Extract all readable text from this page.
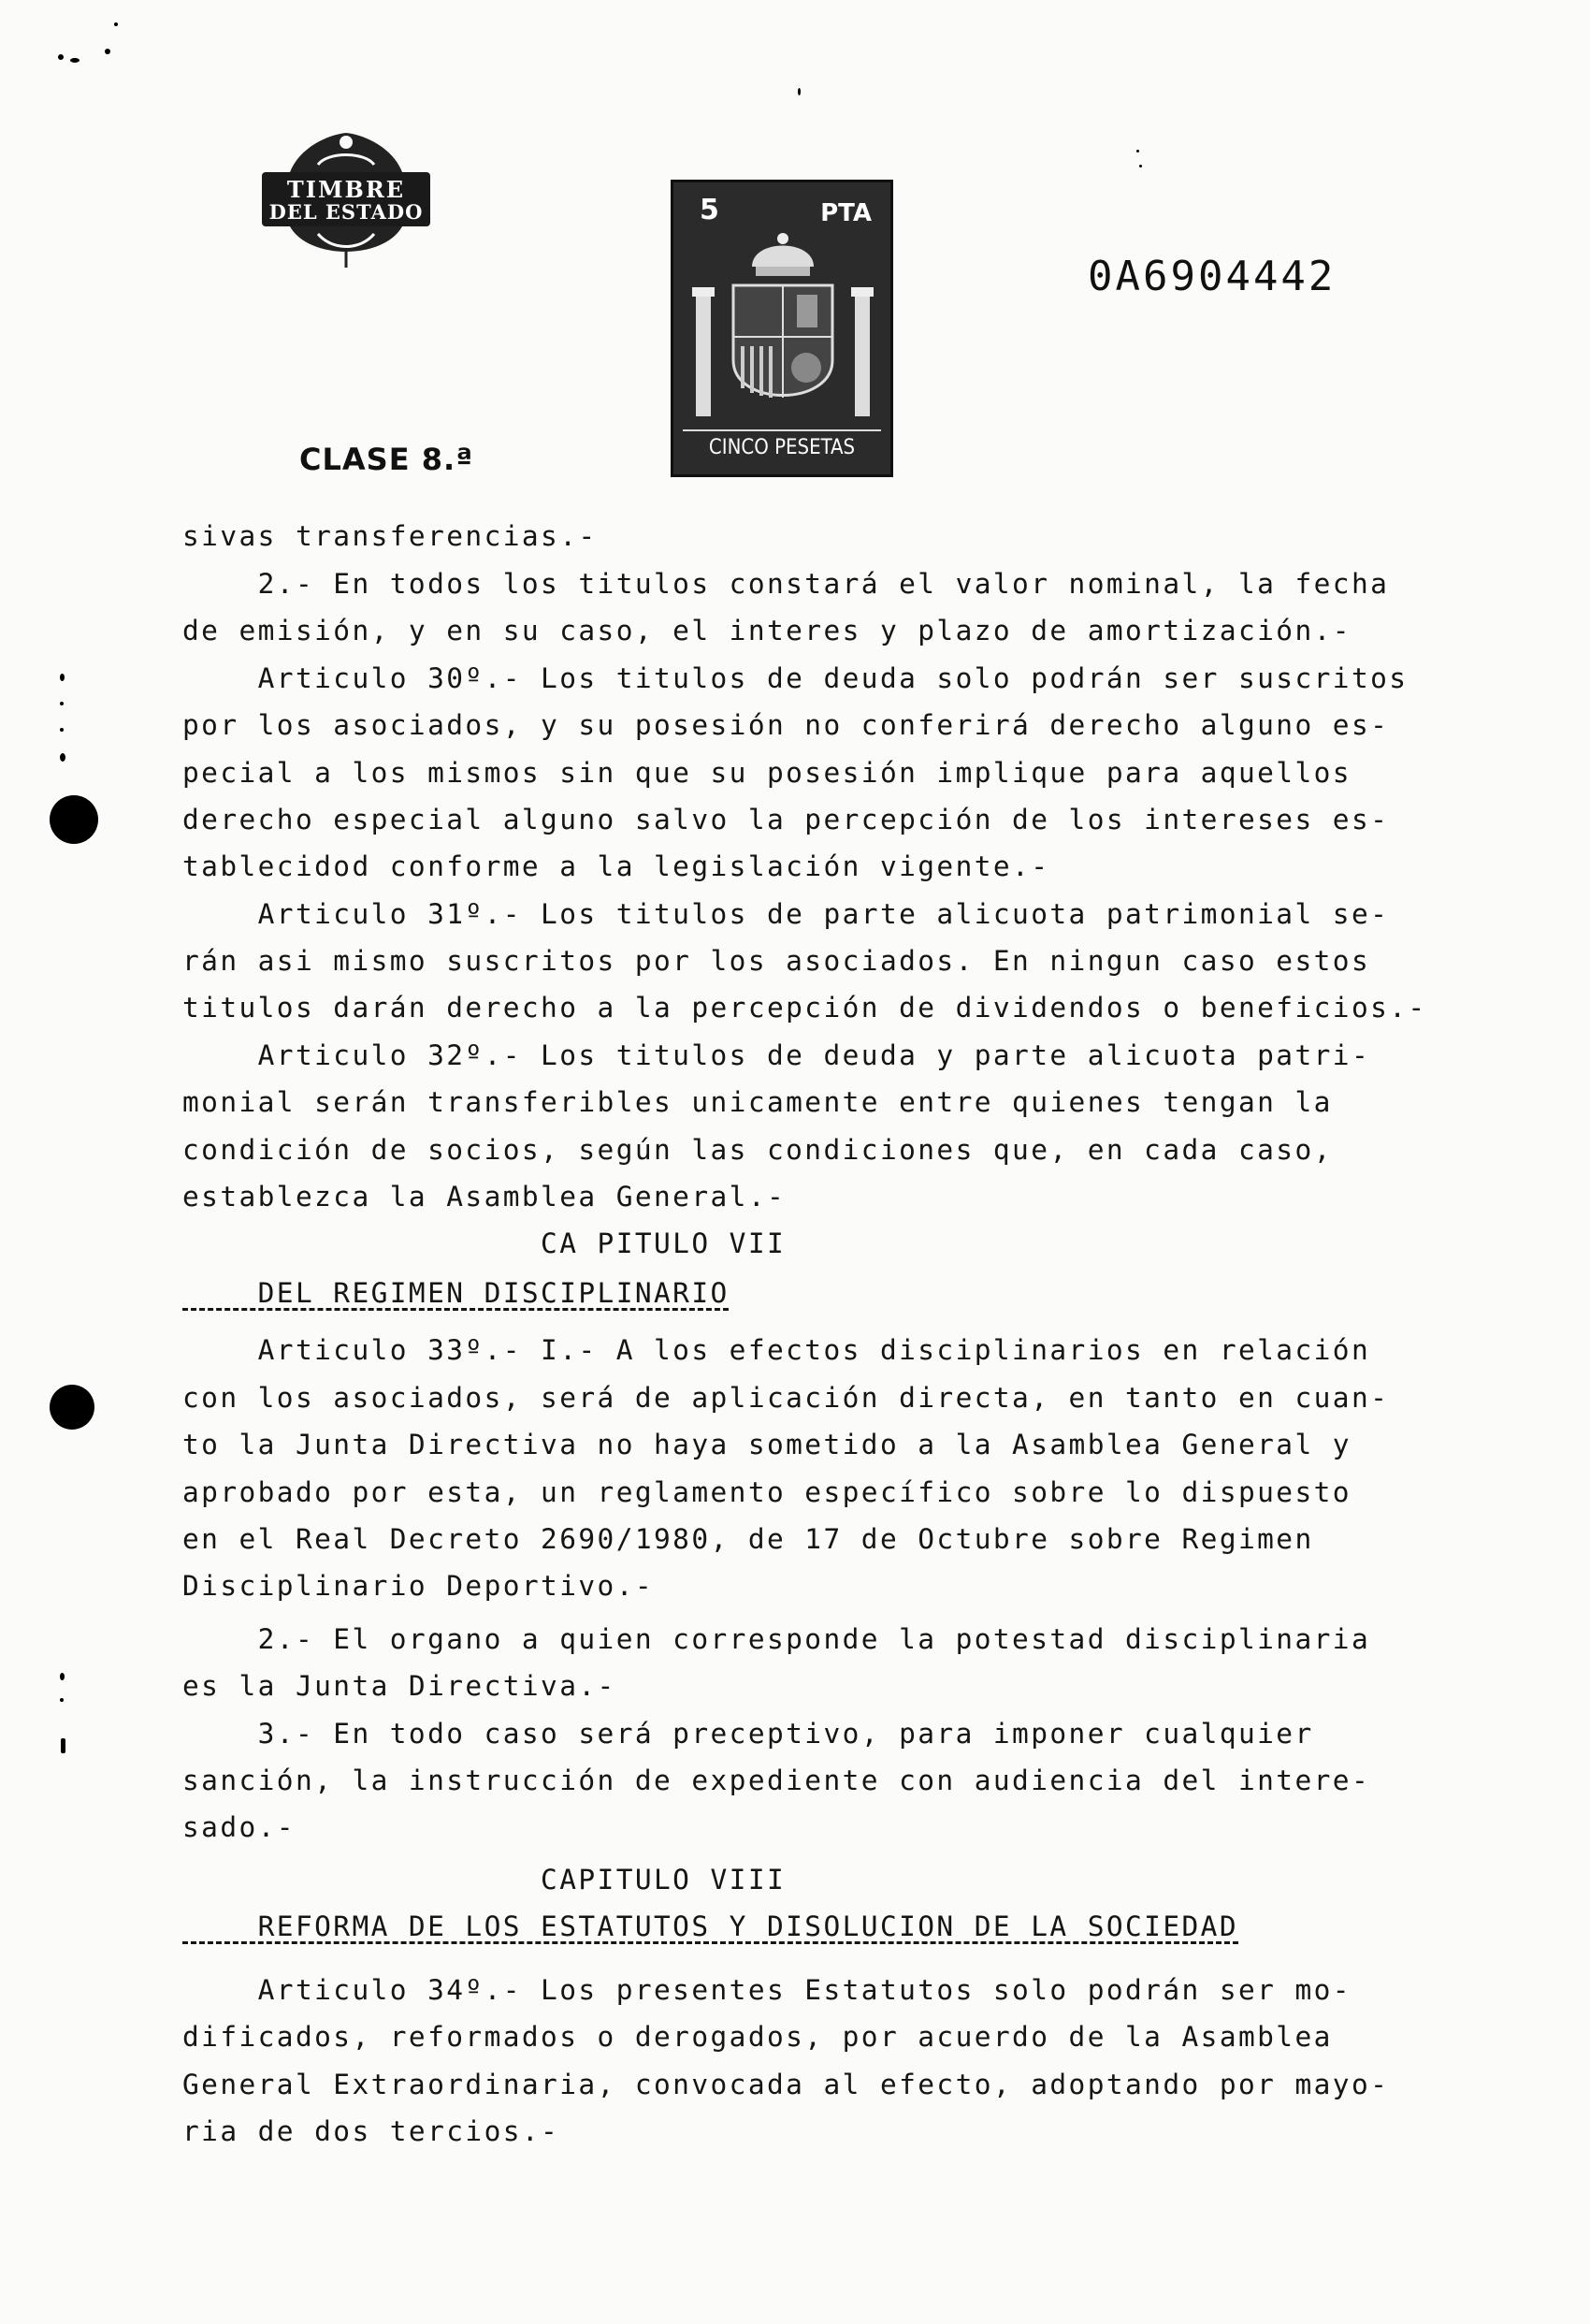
TIMBRE
DEL ESTADO	5	PTA
CINCO PESETAS
0A6904442
CLASE 8.ª
sivas transferencias.-
2.- En todos los titulos constará el valor nominal, la fecha
de emisión, y en su caso, el interes y plazo de amortización.-
Articulo 30º.- Los titulos de deuda solo podrán ser suscritos
por los asociados, y su posesión no conferirá derecho alguno es-
pecial a los mismos sin que su posesión implique para aquellos
derecho especial alguno salvo la percepción de los intereses es-
tablecidod conforme a la legislación vigente.-
Articulo 31º.- Los titulos de parte alicuota patrimonial se-
rán asi mismo suscritos por los asociados. En ningun caso estos
titulos darán derecho a la percepción de dividendos o beneficios.-
Articulo 32º.- Los titulos de deuda y parte alicuota patri-
monial serán transferibles unicamente entre quienes tengan la
condición de socios, según las condiciones que, en cada caso,
establezca la Asamblea General.-
CA PITULO VII
DEL REGIMEN DISCIPLINARIO
Articulo 33º.- I.- A los efectos disciplinarios en relación
con los asociados, será de aplicación directa, en tanto en cuan-
to la Junta Directiva no haya sometido a la Asamblea General y
aprobado por esta, un reglamento específico sobre lo dispuesto
en el Real Decreto 2690/1980, de 17 de Octubre sobre Regimen
Disciplinario Deportivo.-
2.- El organo a quien corresponde la potestad disciplinaria
es la Junta Directiva.-
3.- En todo caso será preceptivo, para imponer cualquier
sanción, la instrucción de expediente con audiencia del intere-
sado.-
CAPITULO VIII
REFORMA DE LOS ESTATUTOS Y DISOLUCION DE LA SOCIEDAD
Articulo 34º.- Los presentes Estatutos solo podrán ser mo-
dificados, reformados o derogados, por acuerdo de la Asamblea
General Extraordinaria, convocada al efecto, adoptando por mayo-
ria de dos tercios.-
